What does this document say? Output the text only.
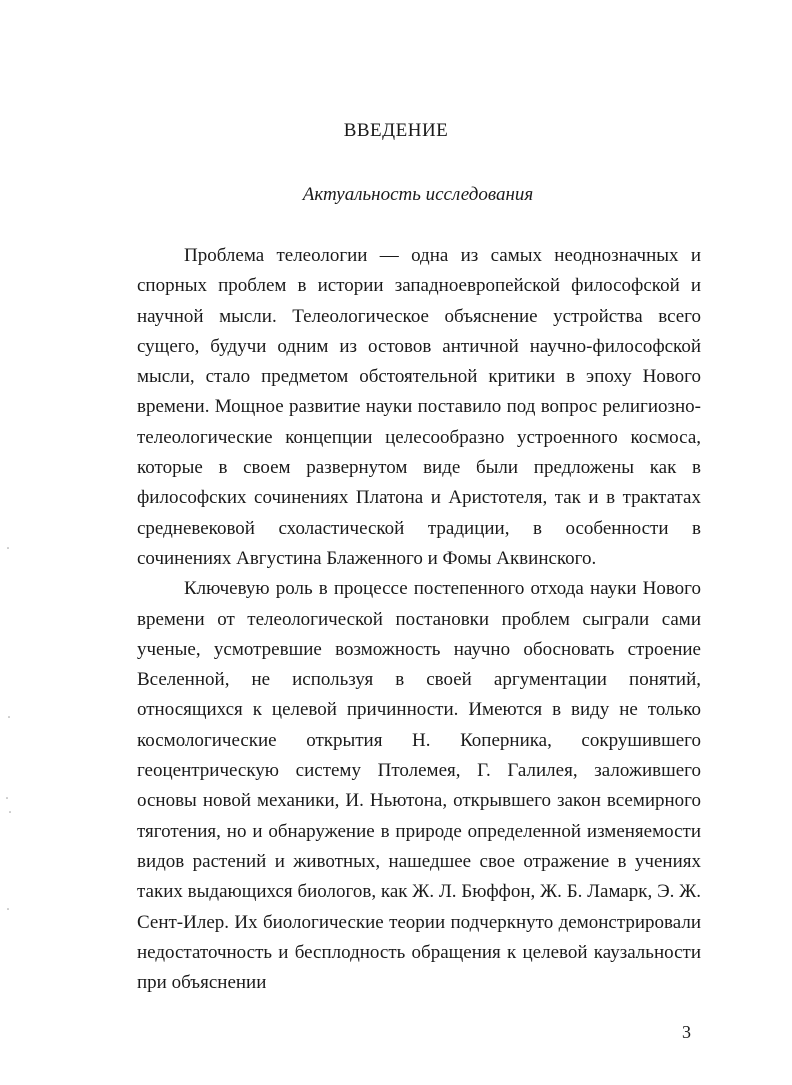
ВВЕДЕНИЕ
Актуальность исследования

Проблема телеологии — одна из самых неоднозначных и спорных проблем в истории западноевропейской философской и научной мысли. Телеологическое объяснение устройства всего сущего, будучи одним из остовов античной научно-философской мысли, стало предметом обстоятельной критики в эпоху Нового времени. Мощное развитие науки поставило под вопрос религиозно-телеологические концепции целесообразно устроенного космоса, которые в своем развернутом виде были предложены как в философских сочинениях Платона и Аристотеля, так и в трактатах средневековой схоластической традиции, в особенности в сочинениях Августина Блаженного и Фомы Аквинского.

Ключевую роль в процессе постепенного отхода науки Нового времени от телеологической постановки проблем сыграли сами ученые, усмотревшие возможность научно обосновать строение Вселенной, не используя в своей аргументации понятий, относящихся к целевой причинности. Имеются в виду не только космологические открытия Н. Коперника, сокрушившего геоцентрическую систему Птолемея, Г. Галилея, заложившего основы новой механики, И. Ньютона, открывшего закон всемирного тяготения, но и обнаружение в природе определенной изменяемости видов растений и животных, нашедшее свое отражение в учениях таких выдающихся биологов, как Ж. Л. Бюффон, Ж. Б. Ламарк, Э. Ж. Сент-Илер. Их биологические теории подчеркнуто демонстрировали недостаточность и бесплодность обращения к целевой каузальности при объяснении

3
